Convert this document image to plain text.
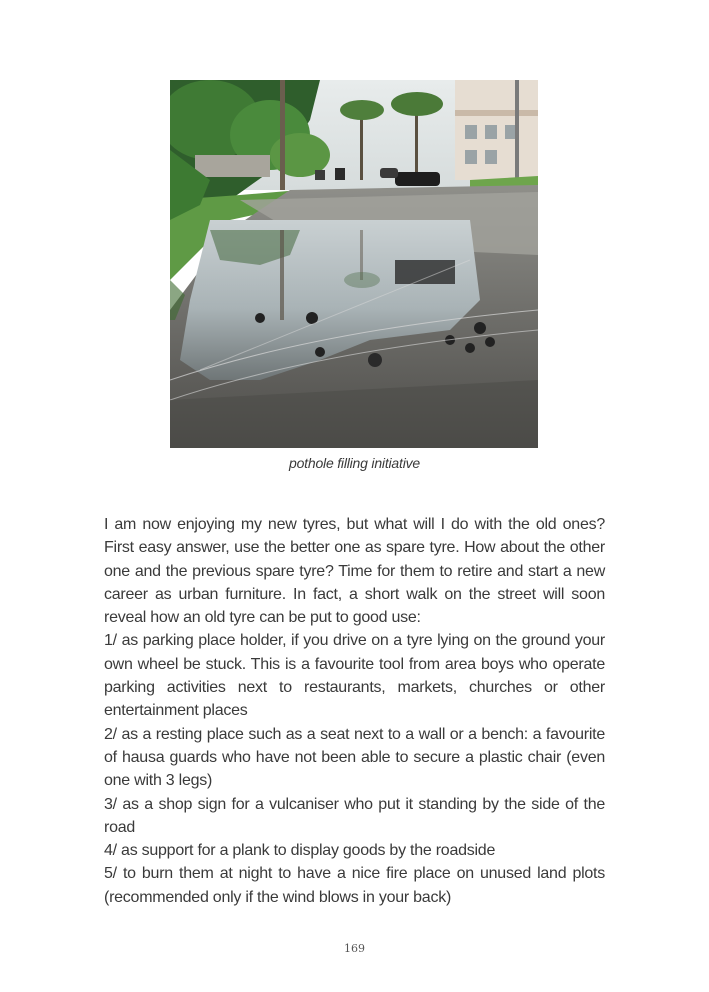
pothole filling initiative

I am now enjoying my new tyres, but what will I do with the old ones? First easy answer, use the better one as spare tyre. How about the other one and the previous spare tyre? Time for them to retire and start a new career as urban furniture. In fact, a short walk on the street will soon reveal how an old tyre can be put to good use:

1/ as parking place holder, if you drive on a tyre lying on the ground your own wheel be stuck. This is a favourite tool from area boys who operate parking activities next to restaurants, markets, churches or other entertainment places

2/ as a resting place such as a seat next to a wall or a bench: a favourite of hausa guards who have not been able to secure a plastic chair (even one with 3 legs)

3/ as a shop sign for a vulcaniser who put it standing by the side of the road

4/ as support for a plank to display goods by the roadside

5/ to burn them at night to have a nice fire place on unused land plots (recommended only if the wind blows in your back)

169
